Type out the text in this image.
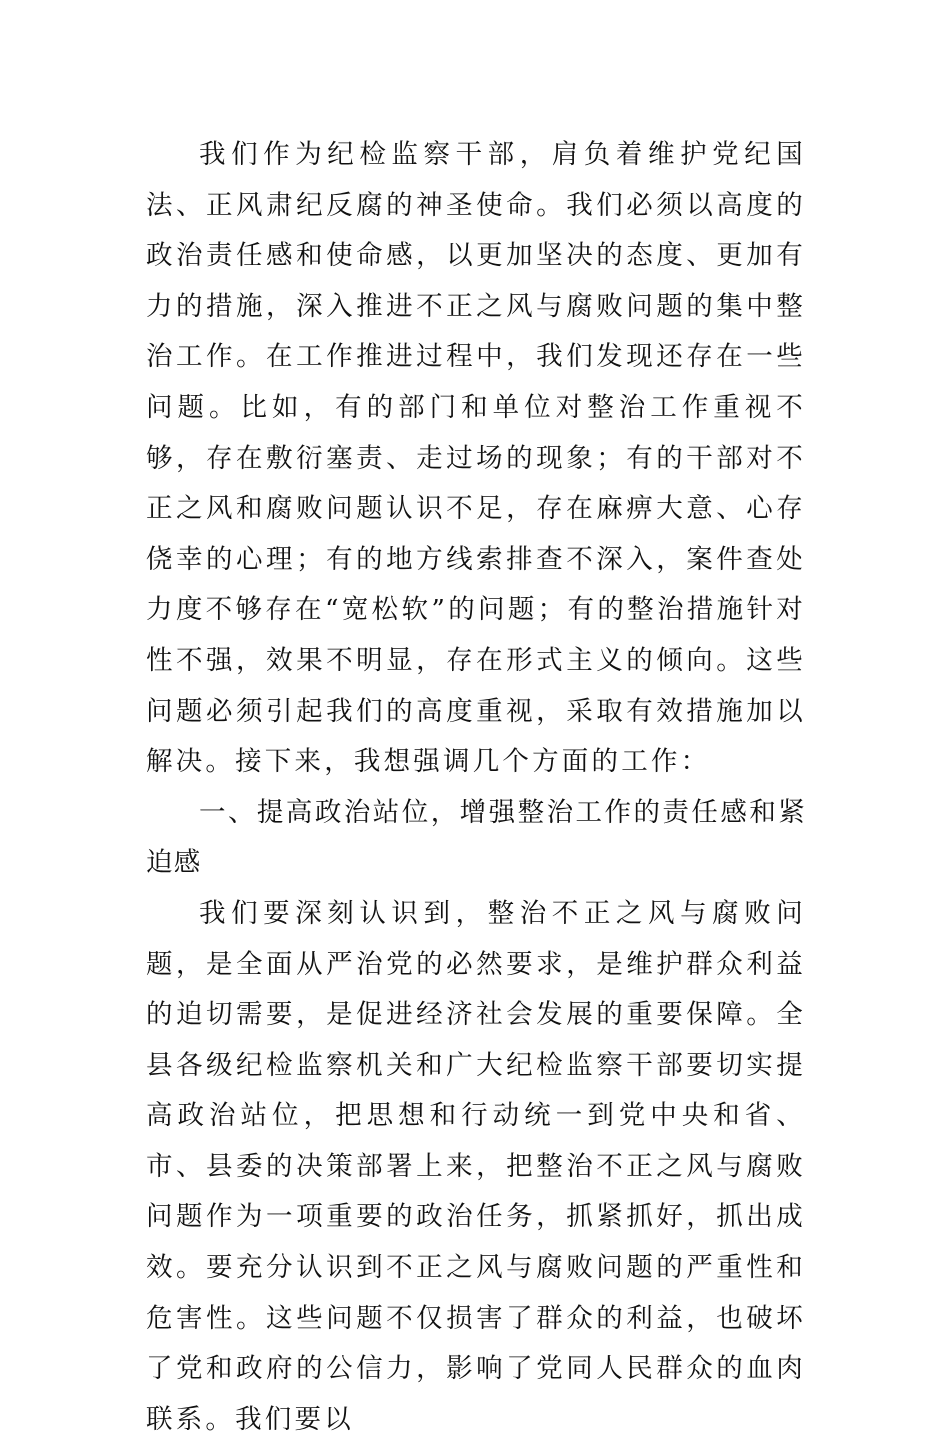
我们作为纪检监察干部，肩负着维护党纪国法、正风肃纪反腐的神圣使命。我们必须以高度的政治责任感和使命感，以更加坚决的态度、更加有力的措施，深入推进不正之风与腐败问题的集中整治工作。在工作推进过程中，我们发现还存在一些问题。比如，有的部门和单位对整治工作重视不够，存在敷衍塞责、走过场的现象；有的干部对不正之风和腐败问题认识不足，存在麻痹大意、心存侥幸的心理；有的地方线索排查不深入，案件查处力度不够存在“宽松软”的问题；有的整治措施针对性不强，效果不明显，存在形式主义的倾向。这些问题必须引起我们的高度重视，采取有效措施加以解决。接下来，我想强调几个方面的工作：

一、提高政治站位，增强整治工作的责任感和紧迫感

我们要深刻认识到，整治不正之风与腐败问题，是全面从严治党的必然要求，是维护群众利益的迫切需要，是促进经济社会发展的重要保障。全县各级纪检监察机关和广大纪检监察干部要切实提高政治站位，把思想和行动统一到党中央和省、市、县委的决策部署上来，把整治不正之风与腐败问题作为一项重要的政治任务，抓紧抓好，抓出成效。要充分认识到不正之风与腐败问题的严重性和危害性。这些问题不仅损害了群众的利益，也破坏了党和政府的公信力，影响了党同人民群众的血肉联系。我们要以
